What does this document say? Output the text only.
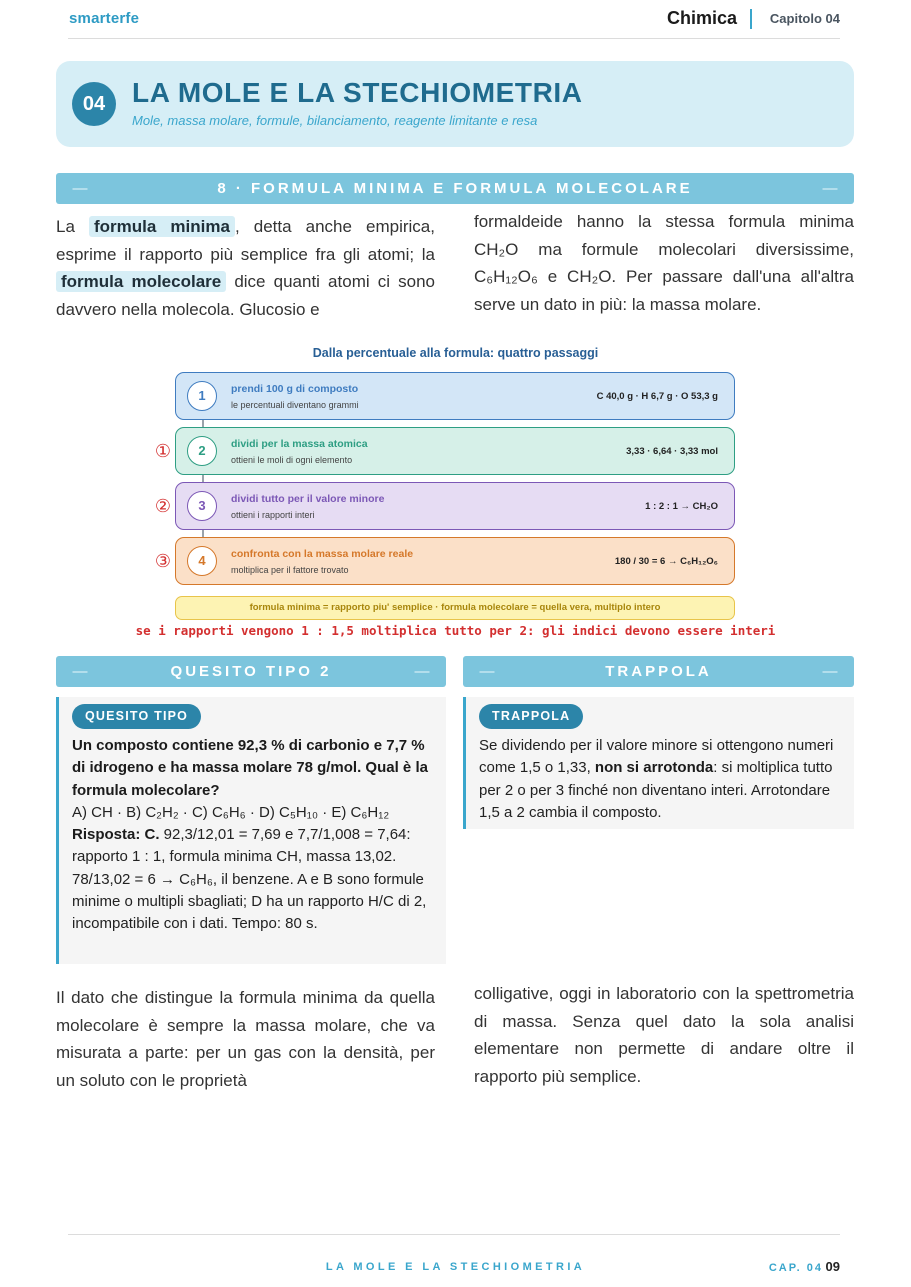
smarterfe	Chimica	Capitolo 04
04 LA MOLE E LA STECHIOMETRIA
Mole, massa molare, formule, bilanciamento, reagente limitante e resa
—	8 · FORMULA MINIMA E FORMULA MOLECOLARE	—
La formula minima , detta anche empirica, esprime il rapporto più semplice fra gli atomi; la formula molecolare dice quanti atomi ci sono davvero nella molecola. Glucosio e
formaldeide hanno la stessa formula minima CH₂O ma formule molecolari diversissime, C₆H₁₂O₆ e CH₂O. Per passare dall'una all'altra serve un dato in più: la massa molare.
Dalla percentuale alla formula: quattro passaggi
1	prendi 100 g di composto
le percentuali diventano grammi
C 40,0 g · H 6,7 g · O 53,3 g
①	2	dividi per la massa atomica
ottieni le moli di ogni elemento
3,33 · 6,64 · 3,33 mol
②	3	dividi tutto per il valore minore
ottieni i rapporti interi
1 : 2 : 1 → CH₂O
③	4	confronta con la massa molare reale
moltiplica per il fattore trovato
180 / 30 = 6 → C₆H₁₂O₆
formula minima = rapporto piu' semplice · formula molecolare = quella vera, multiplo intero
se i rapporti vengono 1 : 1,5 moltiplica tutto per 2: gli indici devono essere interi
—	QUESITO TIPO 2	—
QUESITO TIPO
Un composto contiene 92,3 % di carbonio e 7,7 % di idrogeno e ha massa molare 78 g/mol. Qual è la formula molecolare?
A) CH · B) C₂H₂ · C) C₆H₆ · D) C₅H₁₀ · E) C₆H₁₂
Risposta: C. 92,3/12,01 = 7,69 e 7,7/1,008 = 7,64: rapporto 1 : 1, formula minima CH, massa 13,02. 78/13,02 = 6 → C₆H₆, il benzene. A e B sono formule minime o multipli sbagliati; D ha un rapporto H/C di 2, incompatibile con i dati. Tempo: 80 s.
—	TRAPPOLA	—
TRAPPOLA
Se dividendo per il valore minore si ottengono numeri come 1,5 o 1,33, non si arrotonda: si moltiplica tutto per 2 o per 3 finché non diventano interi. Arrotondare 1,5 a 2 cambia il composto.
Il dato che distingue la formula minima da quella molecolare è sempre la massa molare, che va misurata a parte: per un gas con la densità, per un soluto con le proprietà
colligative, oggi in laboratorio con la spettrometria di massa. Senza quel dato la sola analisi elementare non permette di andare oltre il rapporto più semplice.
LA MOLE E LA STECHIOMETRIA	CAP. 04 09
